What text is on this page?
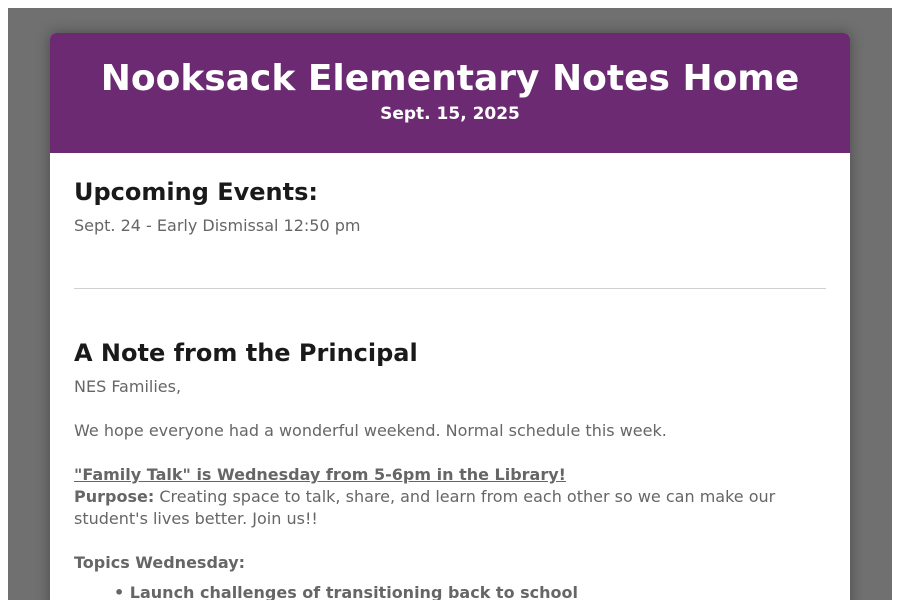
Nooksack Elementary Notes Home
Sept. 15, 2025
Upcoming Events:

Sept. 24 - Early Dismissal 12:50 pm

A Note from the Principal

NES Families,

We hope everyone had a wonderful weekend. Normal schedule this week.

"Family Talk" is Wednesday from 5-6pm in the Library!

Purpose: Creating space to talk, share, and learn from each other so we can make our student's lives better. Join us!!

Topics Wednesday:

• Launch challenges of transitioning back to school
